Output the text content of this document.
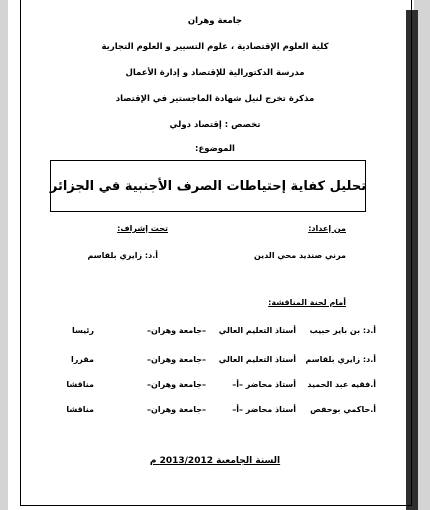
جامعة وهران
كلية العلوم الإقتصادية ، علوم التسيير و العلوم التجارية
مدرسة الدكتورالية للإقتصاد و إدارة الأعمال
مذكرة تخرج لنيل شهادة الماجستير في الإقتصاد
تخصص : إقتصاد دولي
الموضوع:
تحليل كفاية إحتياطات الصرف الأجنبية في الجزائر
من إعداد:
تحت إشراف:
مرني صنديد محي الدين
أ.د: زايري بلقاسم
أمام لجنة المناقشة:
أ.د: بن باير حبيب
أستاذ التعليم العالي
–جامعة وهران–
رئيسا
أ.د: زايري بلقاسم
أستاذ التعليم العالي
–جامعة وهران–
مقررا
أ.فقيه عبد الحميد
أستاذ محاضر –أ–
–جامعة وهران–
مناقشا
أ.حاكمي بوحفص
أستاذ محاضر –أ–
–جامعة وهران–
مناقشا
السنة الجامعية 2013/2012 م
